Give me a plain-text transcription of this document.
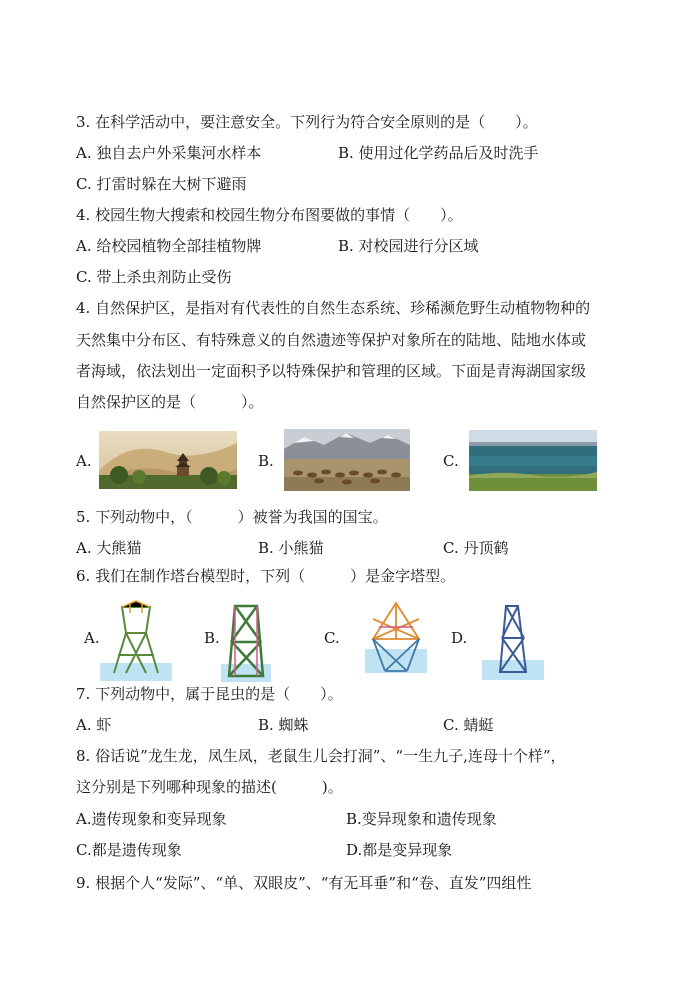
3. 在科学活动中，要注意安全。下列行为符合安全原则的是（　　）。
A. 独自去户外采集河水样本	B. 使用过化学药品后及时洗手
C. 打雷时躲在大树下避雨
4. 校园生物大搜索和校园生物分布图要做的事情（　　）。
A. 给校园植物全部挂植物牌	B. 对校园进行分区域
C. 带上杀虫剂防止受伤
4. 自然保护区，是指对有代表性的自然生态系统、珍稀濒危野生动植物物种的
天然集中分布区、有特殊意义的自然遗迹等保护对象所在的陆地、陆地水体或
者海域，依法划出一定面积予以特殊保护和管理的区域。下面是青海湖国家级
自然保护区的是（　　　）。
A.	B.	C.
5. 下列动物中，（　　　）被誉为我国的国宝。
A. 大熊猫	B. 小熊猫	C. 丹顶鹤
6. 我们在制作塔台模型时，下列（　　　）是金字塔型。
A.	B.	C.	D.
7. 下列动物中，属于昆虫的是（　　）。
A. 虾	B. 蜘蛛	C. 蜻蜓
8. 俗话说”龙生龙，凤生凤，老鼠生儿会打洞”、“一生九子,连母十个样”，
这分别是下列哪种现象的描述(　　　)。
A.遗传现象和变异现象	B.变异现象和遗传现象
C.都是遗传现象	D.都是变异现象
9. 根据个人“发际”、“单、双眼皮”、“有无耳垂”和“卷、直发”四组性
